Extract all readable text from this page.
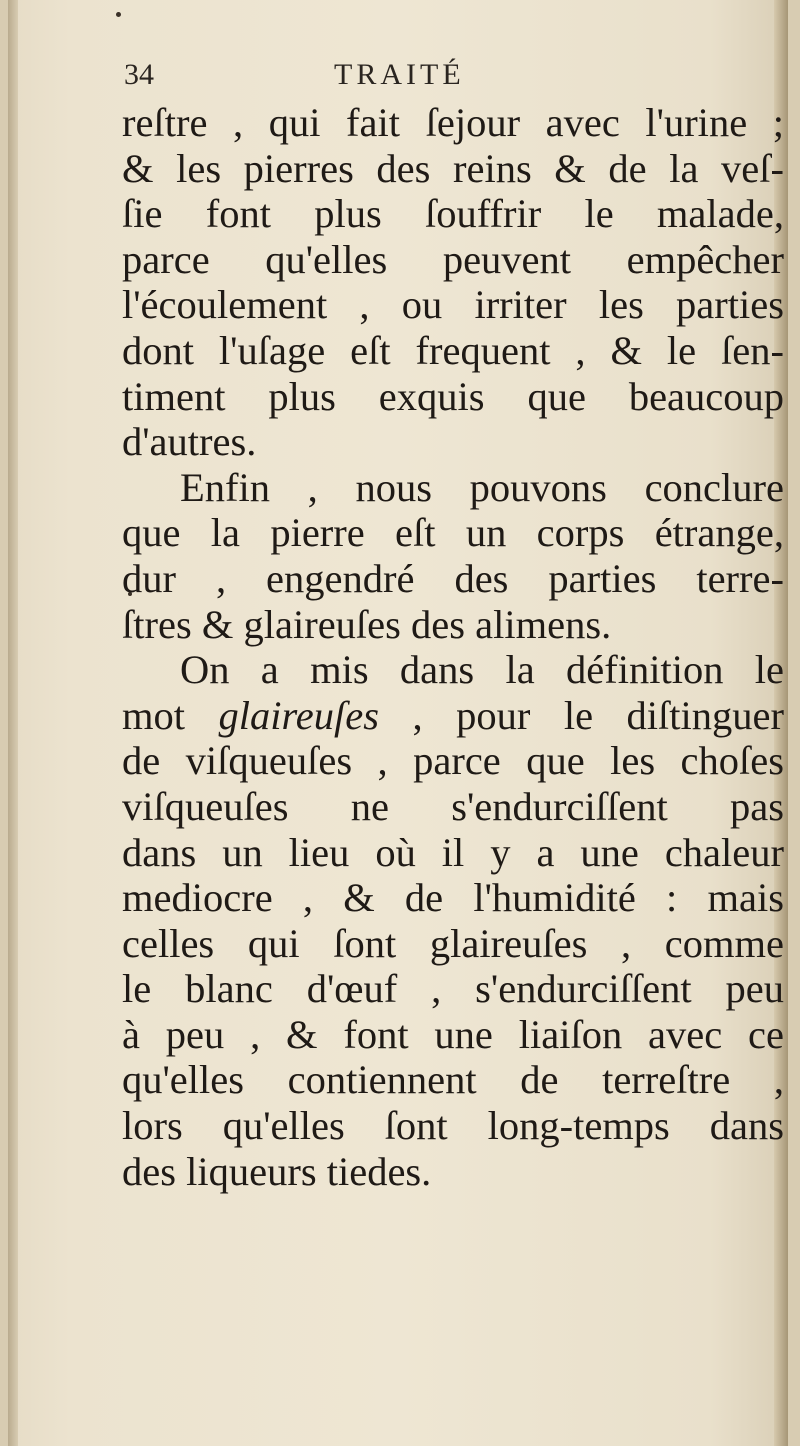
34	TRAITÉ
reſtre , qui fait ſejour avec l'urine ;
& les pierres des reins & de la veſ-
ſie font plus ſouffrir le malade,
parce qu'elles peuvent empêcher
l'écoulement , ou irriter les parties
dont l'uſage eſt frequent , & le ſen-
timent plus exquis que beaucoup
d'autres.
Enfin , nous pouvons conclure
que la pierre eſt un corps étrange,
dur , engendré des parties terre-
ſtres & glaireuſes des alimens.
On a mis dans la définition le
mot glaireuſes , pour le diſtinguer
de viſqueuſes , parce que les choſes
viſqueuſes ne s'endurciſſent pas
dans un lieu où il y a une chaleur
mediocre , & de l'humidité : mais
celles qui ſont glaireuſes , comme
le blanc d'œuf , s'endurciſſent peu
à peu , & font une liaiſon avec ce
qu'elles contiennent de terreſtre ,
lors qu'elles ſont long-temps dans
des liqueurs tiedes.
